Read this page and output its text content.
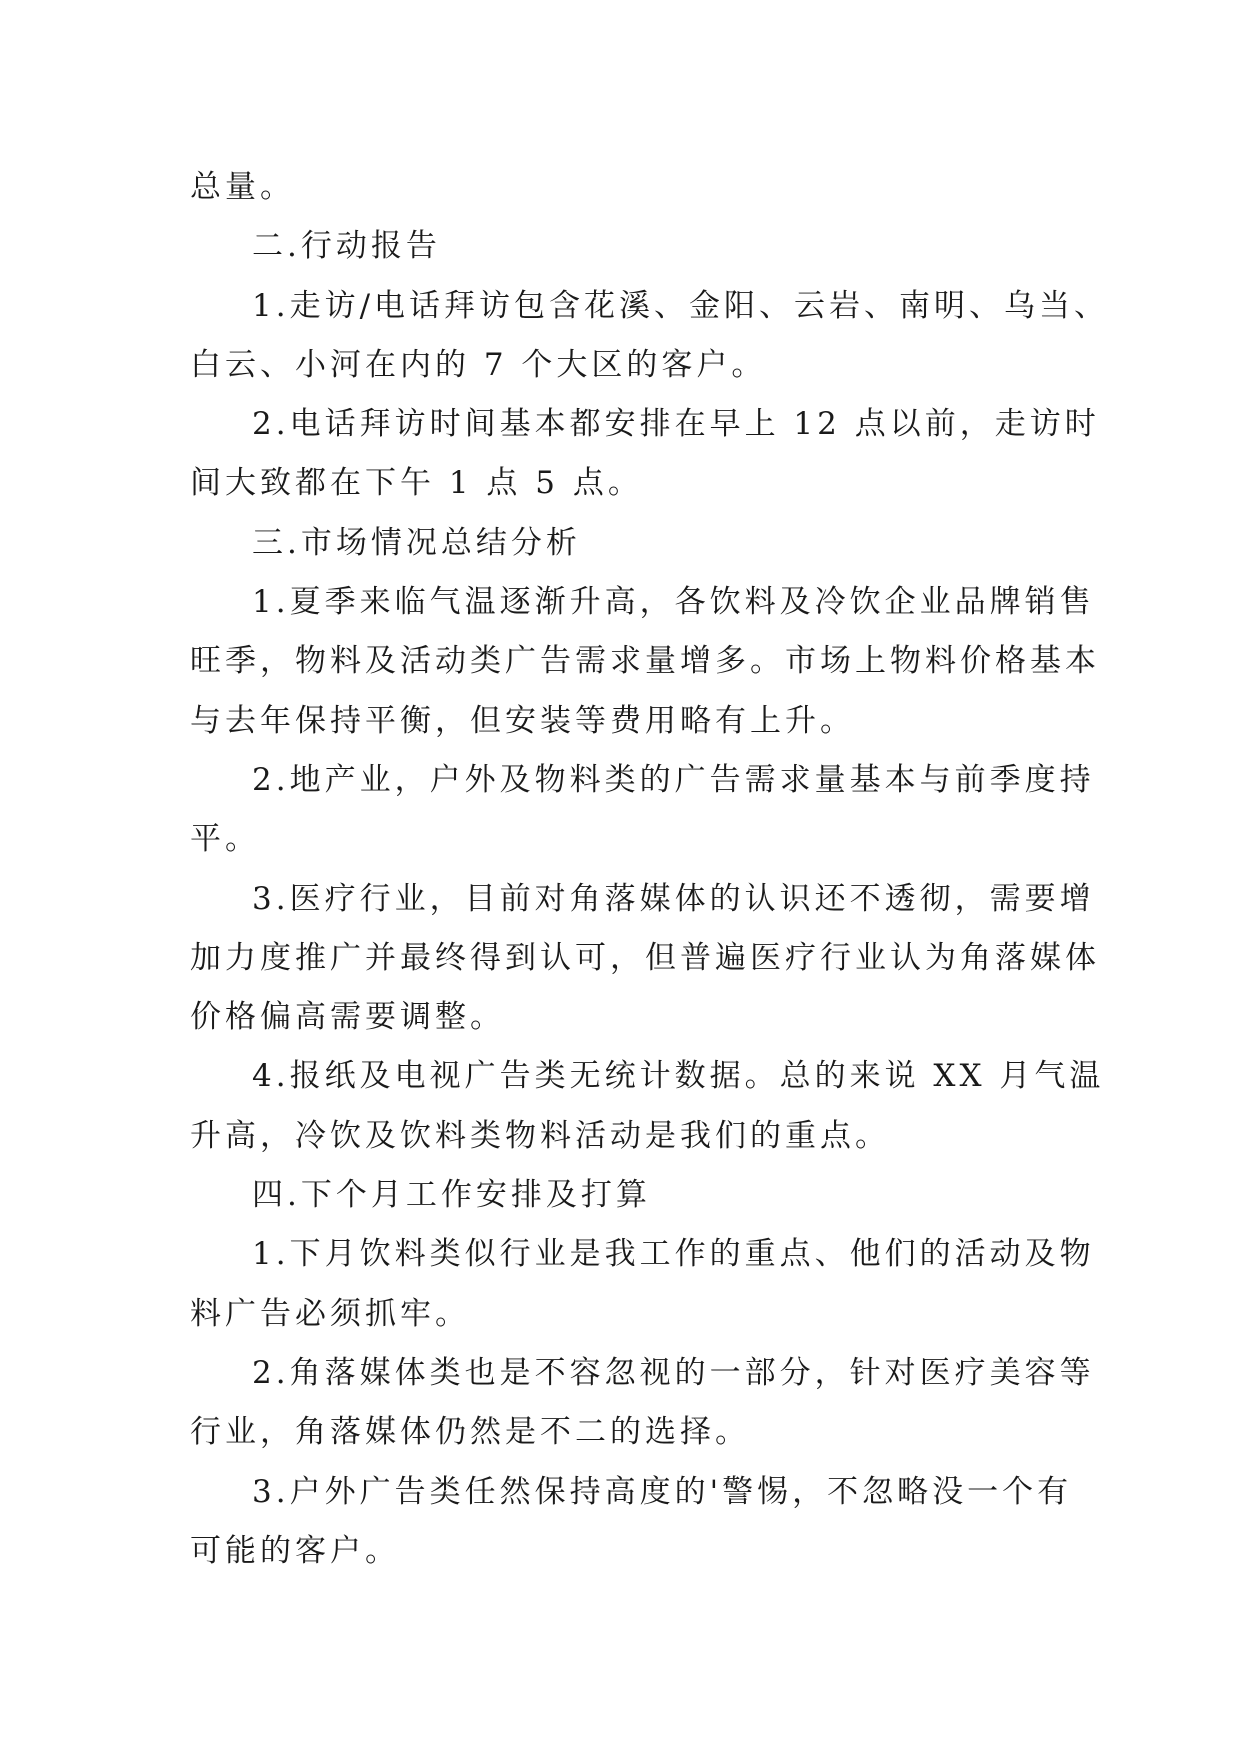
总量。
二.行动报告
1.走访/电话拜访包含花溪、金阳、云岩、南明、乌当、
白云、小河在内的 7 个大区的客户。
2.电话拜访时间基本都安排在早上 12 点以前，走访时
间大致都在下午 1 点 5 点。
三.市场情况总结分析
1.夏季来临气温逐渐升高，各饮料及冷饮企业品牌销售
旺季，物料及活动类广告需求量增多。市场上物料价格基本
与去年保持平衡，但安装等费用略有上升。
2.地产业，户外及物料类的广告需求量基本与前季度持
平。
3.医疗行业，目前对角落媒体的认识还不透彻，需要增
加力度推广并最终得到认可，但普遍医疗行业认为角落媒体
价格偏高需要调整。
4.报纸及电视广告类无统计数据。总的来说 XX 月气温
升高，冷饮及饮料类物料活动是我们的重点。
四.下个月工作安排及打算
1.下月饮料类似行业是我工作的重点、他们的活动及物
料广告必须抓牢。
2.角落媒体类也是不容忽视的一部分，针对医疗美容等
行业，角落媒体仍然是不二的选择。
3.户外广告类任然保持高度的'警惕，不忽略没一个有
可能的客户。
